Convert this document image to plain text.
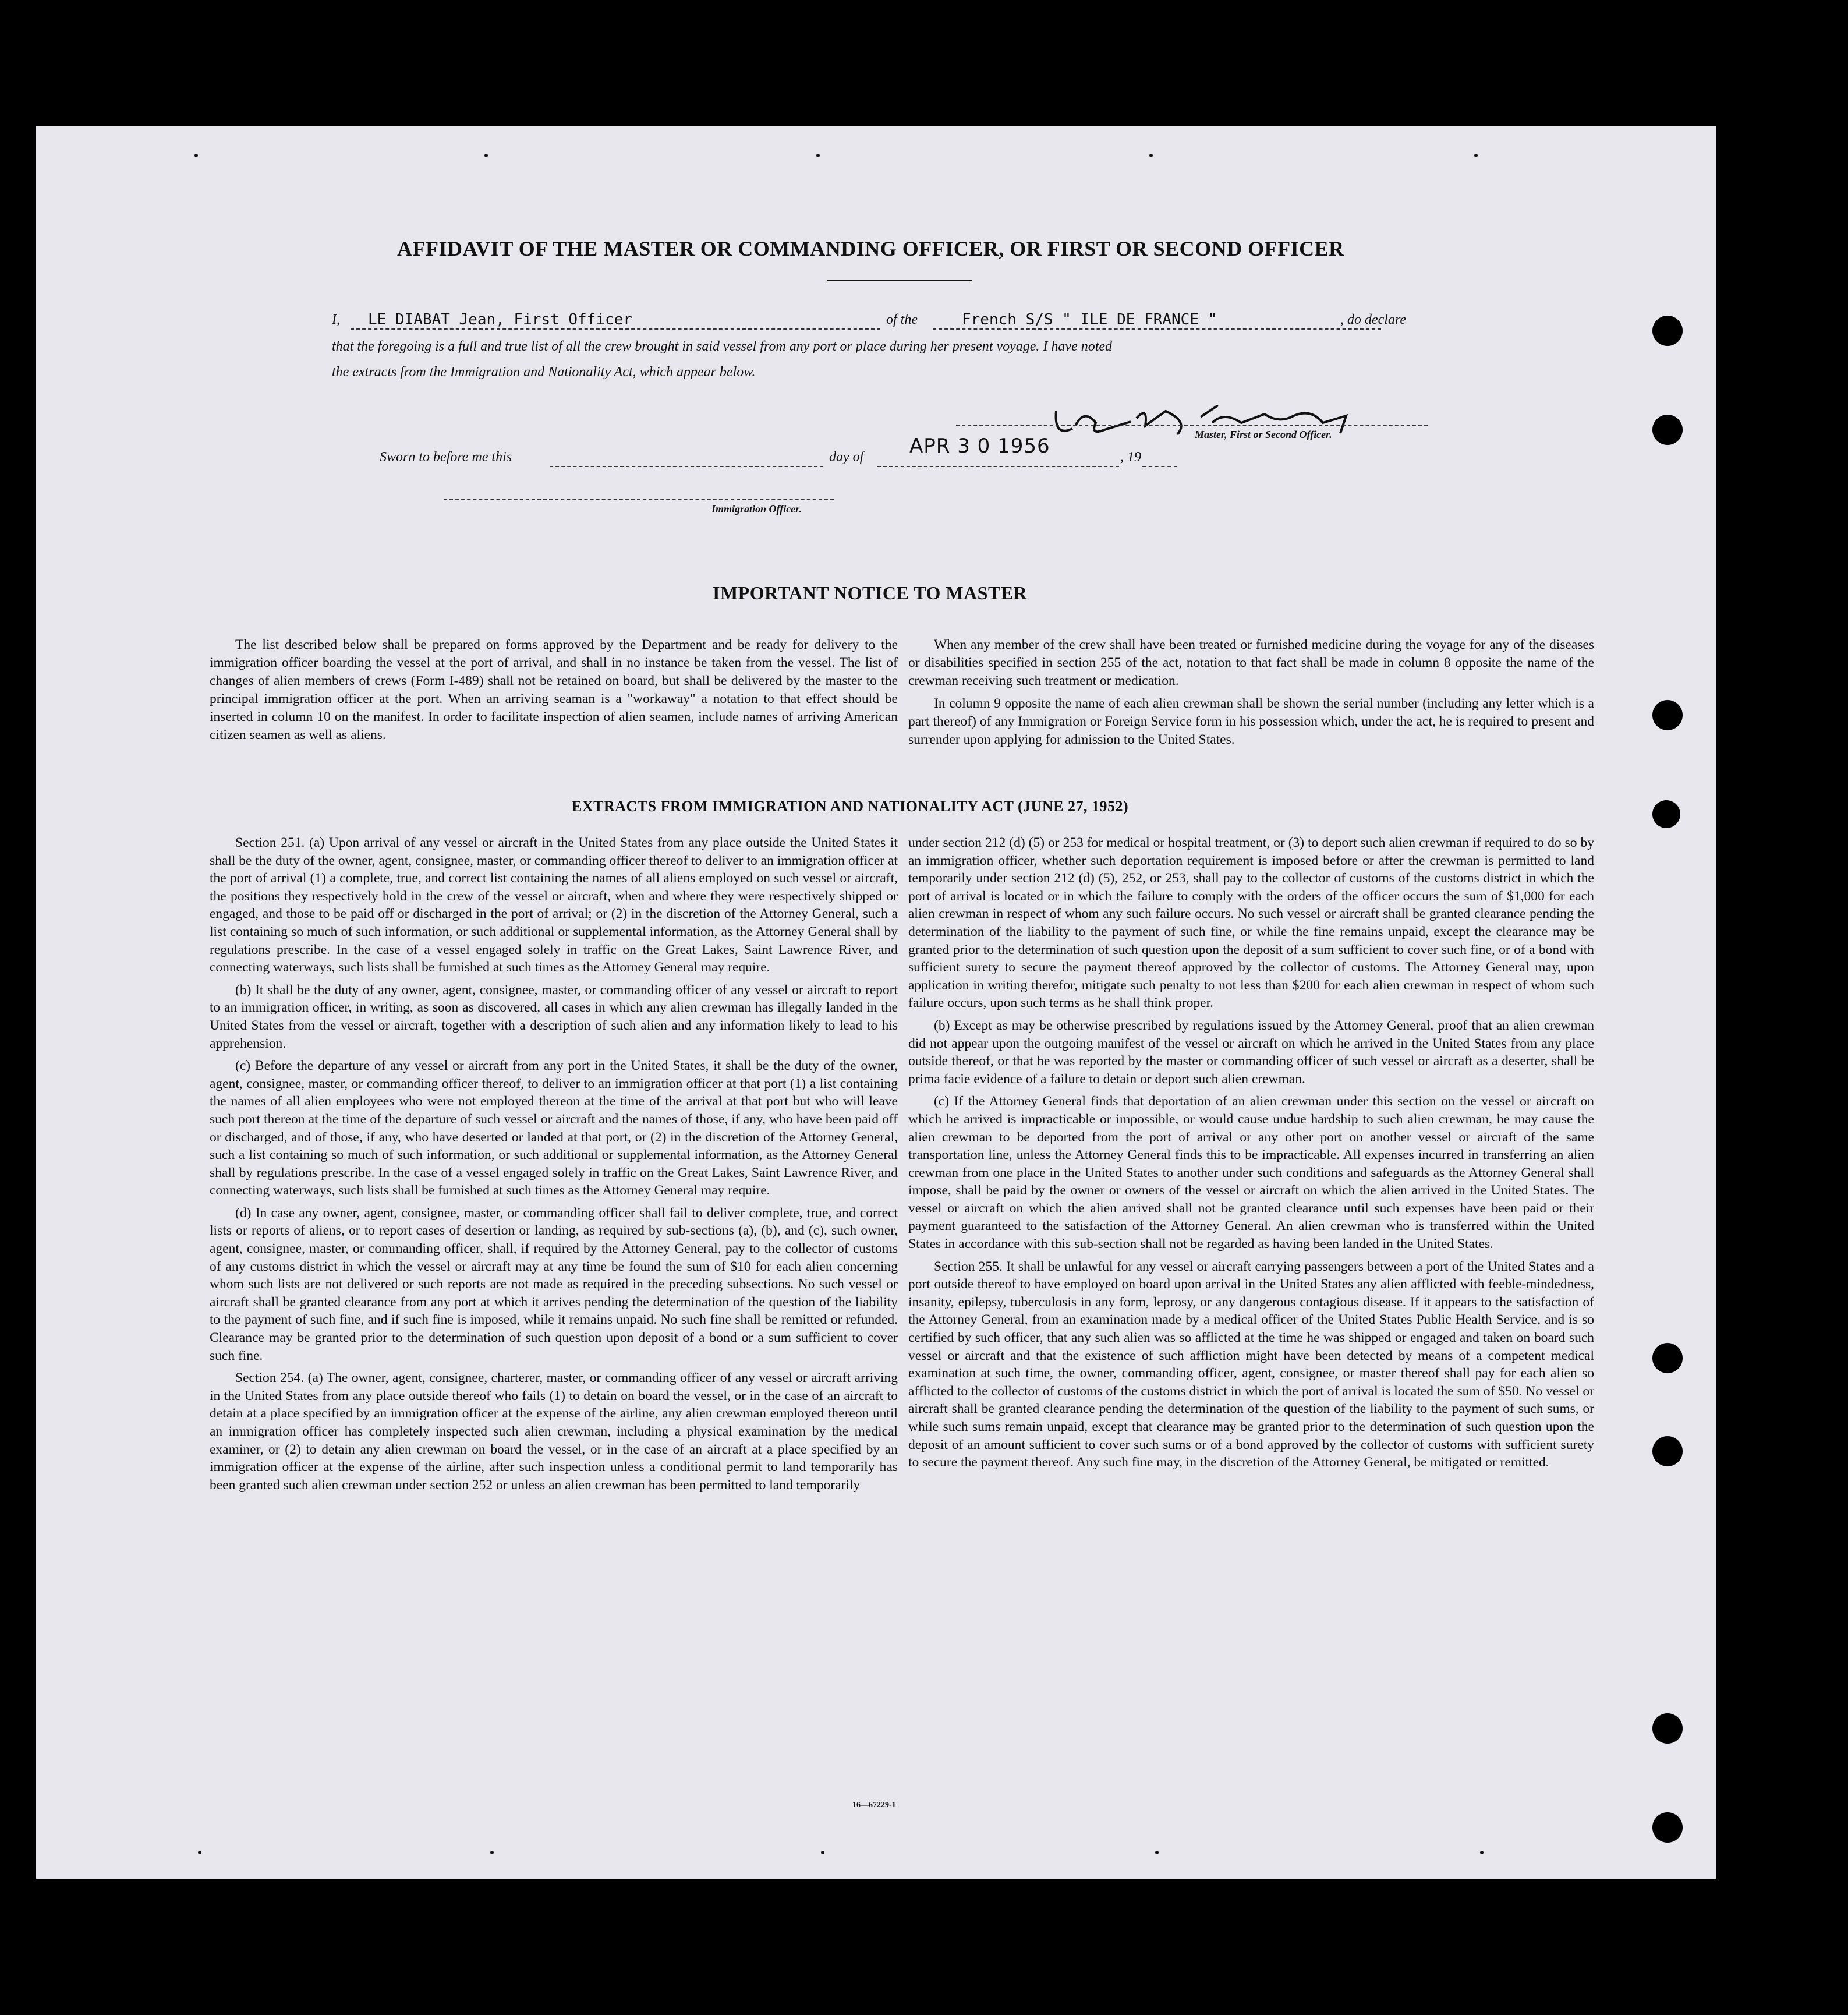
AFFIDAVIT OF THE MASTER OR COMMANDING OFFICER, OR FIRST OR SECOND OFFICER
I, LE DIABAT Jean, First Officer	of the	French S/S " ILE DE FRANCE "	, do declare
that the foregoing is a full and true list of all the crew brought in said vessel from any port or place during her present voyage. I have noted
the extracts from the Immigration and Nationality Act, which appear below.
Master, First or Second Officer.
Sworn to before me this	day of APR 3 0 1956	, 19
Immigration Officer.
IMPORTANT NOTICE TO MASTER

The list described below shall be prepared on forms approved by the Department and be ready for delivery to the immigration officer boarding the vessel at the port of arrival, and shall in no instance be taken from the vessel. The list of changes of alien members of crews (Form I-489) shall not be retained on board, but shall be delivered by the master to the principal immigration officer at the port. When an arriving seaman is a "workaway" a notation to that effect should be inserted in column 10 on the manifest. In order to facilitate inspection of alien seamen, include names of arriving American citizen seamen as well as aliens.

When any member of the crew shall have been treated or furnished medicine during the voyage for any of the diseases or disabilities specified in section 255 of the act, notation to that fact shall be made in column 8 opposite the name of the crewman receiving such treatment or medication.

In column 9 opposite the name of each alien crewman shall be shown the serial number (including any letter which is a part thereof) of any Immigration or Foreign Service form in his possession which, under the act, he is required to present and surrender upon applying for admission to the United States.

EXTRACTS FROM IMMIGRATION AND NATIONALITY ACT (JUNE 27, 1952)

Section 251. (a) Upon arrival of any vessel or aircraft in the United States from any place outside the United States it shall be the duty of the owner, agent, consignee, master, or commanding officer thereof to deliver to an immigration officer at the port of arrival (1) a complete, true, and correct list containing the names of all aliens employed on such vessel or aircraft, the positions they respectively hold in the crew of the vessel or aircraft, when and where they were respectively shipped or engaged, and those to be paid off or discharged in the port of arrival; or (2) in the discretion of the Attorney General, such a list containing so much of such information, or such additional or supplemental information, as the Attorney General shall by regulations prescribe. In the case of a vessel engaged solely in traffic on the Great Lakes, Saint Lawrence River, and connecting waterways, such lists shall be furnished at such times as the Attorney General may require.

(b) It shall be the duty of any owner, agent, consignee, master, or commanding officer of any vessel or aircraft to report to an immigration officer, in writing, as soon as discovered, all cases in which any alien crewman has illegally landed in the United States from the vessel or aircraft, together with a description of such alien and any information likely to lead to his apprehension.

(c) Before the departure of any vessel or aircraft from any port in the United States, it shall be the duty of the owner, agent, consignee, master, or commanding officer thereof, to deliver to an immigration officer at that port (1) a list containing the names of all alien employees who were not employed thereon at the time of the arrival at that port but who will leave such port thereon at the time of the departure of such vessel or aircraft and the names of those, if any, who have been paid off or discharged, and of those, if any, who have deserted or landed at that port, or (2) in the discretion of the Attorney General, such a list containing so much of such information, or such additional or supplemental information, as the Attorney General shall by regulations prescribe. In the case of a vessel engaged solely in traffic on the Great Lakes, Saint Lawrence River, and connecting waterways, such lists shall be furnished at such times as the Attorney General may require.

(d) In case any owner, agent, consignee, master, or commanding officer shall fail to deliver complete, true, and correct lists or reports of aliens, or to report cases of desertion or landing, as required by sub-sections (a), (b), and (c), such owner, agent, consignee, master, or commanding officer, shall, if required by the Attorney General, pay to the collector of customs of any customs district in which the vessel or aircraft may at any time be found the sum of $10 for each alien concerning whom such lists are not delivered or such reports are not made as required in the preceding subsections. No such vessel or aircraft shall be granted clearance from any port at which it arrives pending the determination of the question of the liability to the payment of such fine, and if such fine is imposed, while it remains unpaid. No such fine shall be remitted or refunded. Clearance may be granted prior to the determination of such question upon deposit of a bond or a sum sufficient to cover such fine.

Section 254. (a) The owner, agent, consignee, charterer, master, or commanding officer of any vessel or aircraft arriving in the United States from any place outside thereof who fails (1) to detain on board the vessel, or in the case of an aircraft to detain at a place specified by an immigration officer at the expense of the airline, any alien crewman employed thereon until an immigration officer has completely inspected such alien crewman, including a physical examination by the medical examiner, or (2) to detain any alien crewman on board the vessel, or in the case of an aircraft at a place specified by an immigration officer at the expense of the airline, after such inspection unless a conditional permit to land temporarily has been granted such alien crewman under section 252 or unless an alien crewman has been permitted to land temporarily

under section 212 (d) (5) or 253 for medical or hospital treatment, or (3) to deport such alien crewman if required to do so by an immigration officer, whether such deportation requirement is imposed before or after the crewman is permitted to land temporarily under section 212 (d) (5), 252, or 253, shall pay to the collector of customs of the customs district in which the port of arrival is located or in which the failure to comply with the orders of the officer occurs the sum of $1,000 for each alien crewman in respect of whom any such failure occurs. No such vessel or aircraft shall be granted clearance pending the determination of the liability to the payment of such fine, or while the fine remains unpaid, except the clearance may be granted prior to the determination of such question upon the deposit of a sum sufficient to cover such fine, or of a bond with sufficient surety to secure the payment thereof approved by the collector of customs. The Attorney General may, upon application in writing therefor, mitigate such penalty to not less than $200 for each alien crewman in respect of whom such failure occurs, upon such terms as he shall think proper.

(b) Except as may be otherwise prescribed by regulations issued by the Attorney General, proof that an alien crewman did not appear upon the outgoing manifest of the vessel or aircraft on which he arrived in the United States from any place outside thereof, or that he was reported by the master or commanding officer of such vessel or aircraft as a deserter, shall be prima facie evidence of a failure to detain or deport such alien crewman.

(c) If the Attorney General finds that deportation of an alien crewman under this section on the vessel or aircraft on which he arrived is impracticable or impossible, or would cause undue hardship to such alien crewman, he may cause the alien crewman to be deported from the port of arrival or any other port on another vessel or aircraft of the same transportation line, unless the Attorney General finds this to be impracticable. All expenses incurred in transferring an alien crewman from one place in the United States to another under such conditions and safeguards as the Attorney General shall impose, shall be paid by the owner or owners of the vessel or aircraft on which the alien arrived in the United States. The vessel or aircraft on which the alien arrived shall not be granted clearance until such expenses have been paid or their payment guaranteed to the satisfaction of the Attorney General. An alien crewman who is transferred within the United States in accordance with this sub-section shall not be regarded as having been landed in the United States.

Section 255. It shall be unlawful for any vessel or aircraft carrying passengers between a port of the United States and a port outside thereof to have employed on board upon arrival in the United States any alien afflicted with feeble-mindedness, insanity, epilepsy, tuberculosis in any form, leprosy, or any dangerous contagious disease. If it appears to the satisfaction of the Attorney General, from an examination made by a medical officer of the United States Public Health Service, and is so certified by such officer, that any such alien was so afflicted at the time he was shipped or engaged and taken on board such vessel or aircraft and that the existence of such affliction might have been detected by means of a competent medical examination at such time, the owner, commanding officer, agent, consignee, or master thereof shall pay for each alien so afflicted to the collector of customs of the customs district in which the port of arrival is located the sum of $50. No vessel or aircraft shall be granted clearance pending the determination of the question of the liability to the payment of such sums, or while such sums remain unpaid, except that clearance may be granted prior to the determination of such question upon the deposit of an amount sufficient to cover such sums or of a bond approved by the collector of customs with sufficient surety to secure the payment thereof. Any such fine may, in the discretion of the Attorney General, be mitigated or remitted.

16—67229-1
